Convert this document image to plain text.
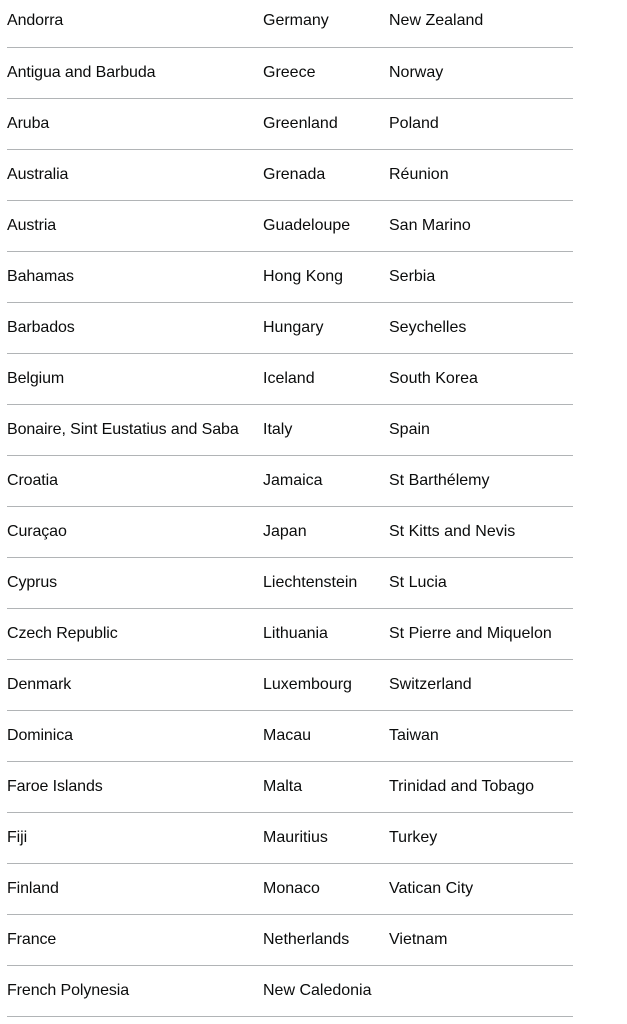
Andorra	Germany	New Zealand
Antigua and Barbuda	Greece	Norway
Aruba	Greenland	Poland
Australia	Grenada	Réunion
Austria	Guadeloupe	San Marino
Bahamas	Hong Kong	Serbia
Barbados	Hungary	Seychelles
Belgium	Iceland	South Korea
Bonaire, Sint Eustatius and Saba	Italy	Spain
Croatia	Jamaica	St Barthélemy
Curaçao	Japan	St Kitts and Nevis
Cyprus	Liechtenstein	St Lucia
Czech Republic	Lithuania	St Pierre and Miquelon
Denmark	Luxembourg	Switzerland
Dominica	Macau	Taiwan
Faroe Islands	Malta	Trinidad and Tobago
Fiji	Mauritius	Turkey
Finland	Monaco	Vatican City
France	Netherlands	Vietnam
French Polynesia	New Caledonia	
